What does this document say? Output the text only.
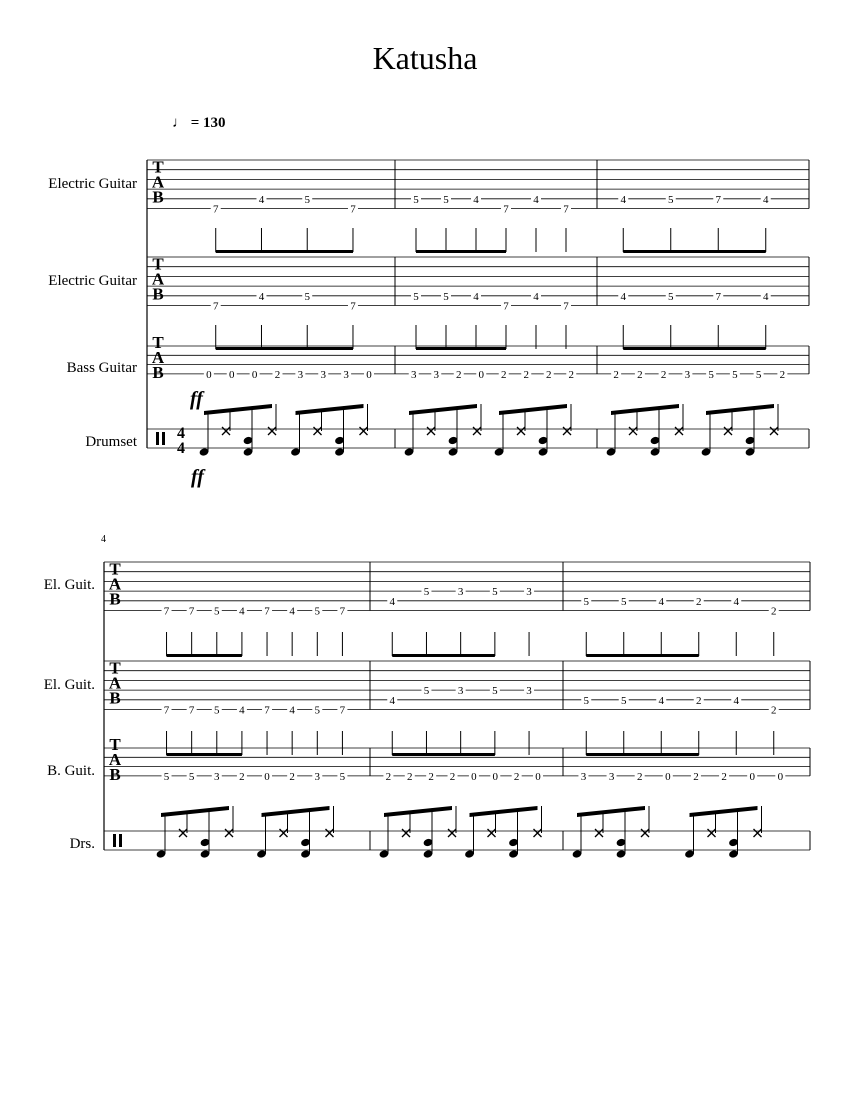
Katusha
♩ = 130
4
Electric Guitar
Electric Guitar
Bass Guitar
Drumset
El. Guit.
El. Guit.
B. Guit.
Drs.
ff
ff
T
A
B
T
A
B
T
A
B
4
4
7
4	5
7
7
4	5
7
0 0 0 2 3 3 3 0
5 5 4
7
4
7
5 5 4
7
4
7
3 3 2 0 2 2 2 2
4	5	7	4
4	5	7	4
2 2 2 3 5 5 5 2
T
A
B
T
A
B
T
A
B
7 7 5 4 7 4 5 7
7 7 5 4 7 4 5 7
5 5 3 2 0 2 3 5
4
5	3	5	3
4
5	3	5	3
2 2 2 2 0 0 2 0
5	5	4	2	4
2
5	5	4	2	4
2
3 3 2 0 2 2 0 0
